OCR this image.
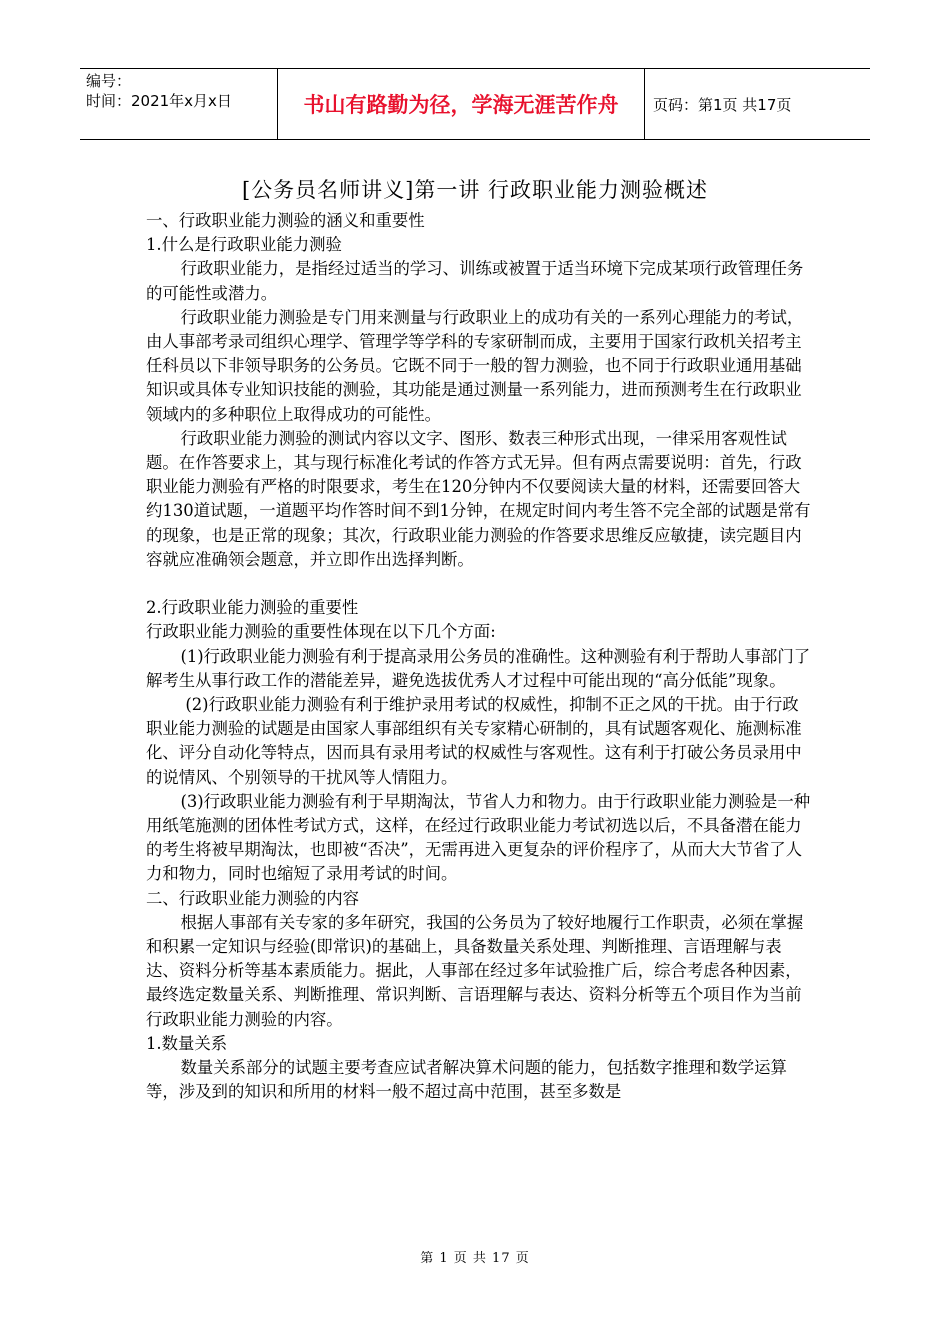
编号：
时间：2021年x月x日	书山有路勤为径，学海无涯苦作舟 页码：第1页 共17页
[公务员名师讲义]第一讲 行政职业能力测验概述

一、行政职业能力测验的涵义和重要性

1.什么是行政职业能力测验

行政职业能力，是指经过适当的学习、训练或被置于适当环境下完成某项行政管理任务的可能性或潜力。

行政职业能力测验是专门用来测量与行政职业上的成功有关的一系列心理能力的考试，由人事部考录司组织心理学、管理学等学科的专家研制而成，主要用于国家行政机关招考主任科员以下非领导职务的公务员。它既不同于一般的智力测验，也不同于行政职业通用基础知识或具体专业知识技能的测验，其功能是通过测量一系列能力，进而预测考生在行政职业领域内的多种职位上取得成功的可能性。

行政职业能力测验的测试内容以文字、图形、数表三种形式出现，一律采用客观性试题。在作答要求上，其与现行标准化考试的作答方式无异。但有两点需要说明：首先，行政职业能力测验有严格的时限要求，考生在120分钟内不仅要阅读大量的材料，还需要回答大约130道试题，一道题平均作答时间不到1分钟，在规定时间内考生答不完全部的试题是常有的现象，也是正常的现象；其次，行政职业能力测验的作答要求思维反应敏捷，读完题目内容就应准确领会题意，并立即作出选择判断。

2.行政职业能力测验的重要性

行政职业能力测验的重要性体现在以下几个方面:

(1)行政职业能力测验有利于提高录用公务员的准确性。这种测验有利于帮助人事部门了解考生从事行政工作的潜能差异，避免选拔优秀人才过程中可能出现的“高分低能”现象。

(2)行政职业能力测验有利于维护录用考试的权威性，抑制不正之风的干扰。由于行政职业能力测验的试题是由国家人事部组织有关专家精心研制的，具有试题客观化、施测标准化、评分自动化等特点，因而具有录用考试的权威性与客观性。这有利于打破公务员录用中的说情风、个别领导的干扰风等人情阻力。

(3)行政职业能力测验有利于早期淘汰，节省人力和物力。由于行政职业能力测验是一种用纸笔施测的团体性考试方式，这样，在经过行政职业能力考试初选以后，不具备潜在能力的考生将被早期淘汰，也即被“否决”，无需再进入更复杂的评价程序了，从而大大节省了人力和物力，同时也缩短了录用考试的时间。

二、行政职业能力测验的内容

根据人事部有关专家的多年研究，我国的公务员为了较好地履行工作职责，必须在掌握和积累一定知识与经验(即常识)的基础上，具备数量关系处理、判断推理、言语理解与表达、资料分析等基本素质能力。据此，人事部在经过多年试验推广后，综合考虑各种因素，最终选定数量关系、判断推理、常识判断、言语理解与表达、资料分析等五个项目作为当前行政职业能力测验的内容。

1.数量关系

数量关系部分的试题主要考查应试者解决算术问题的能力，包括数字推理和数学运算等，涉及到的知识和所用的材料一般不超过高中范围，甚至多数是

第 1 页 共 17 页
